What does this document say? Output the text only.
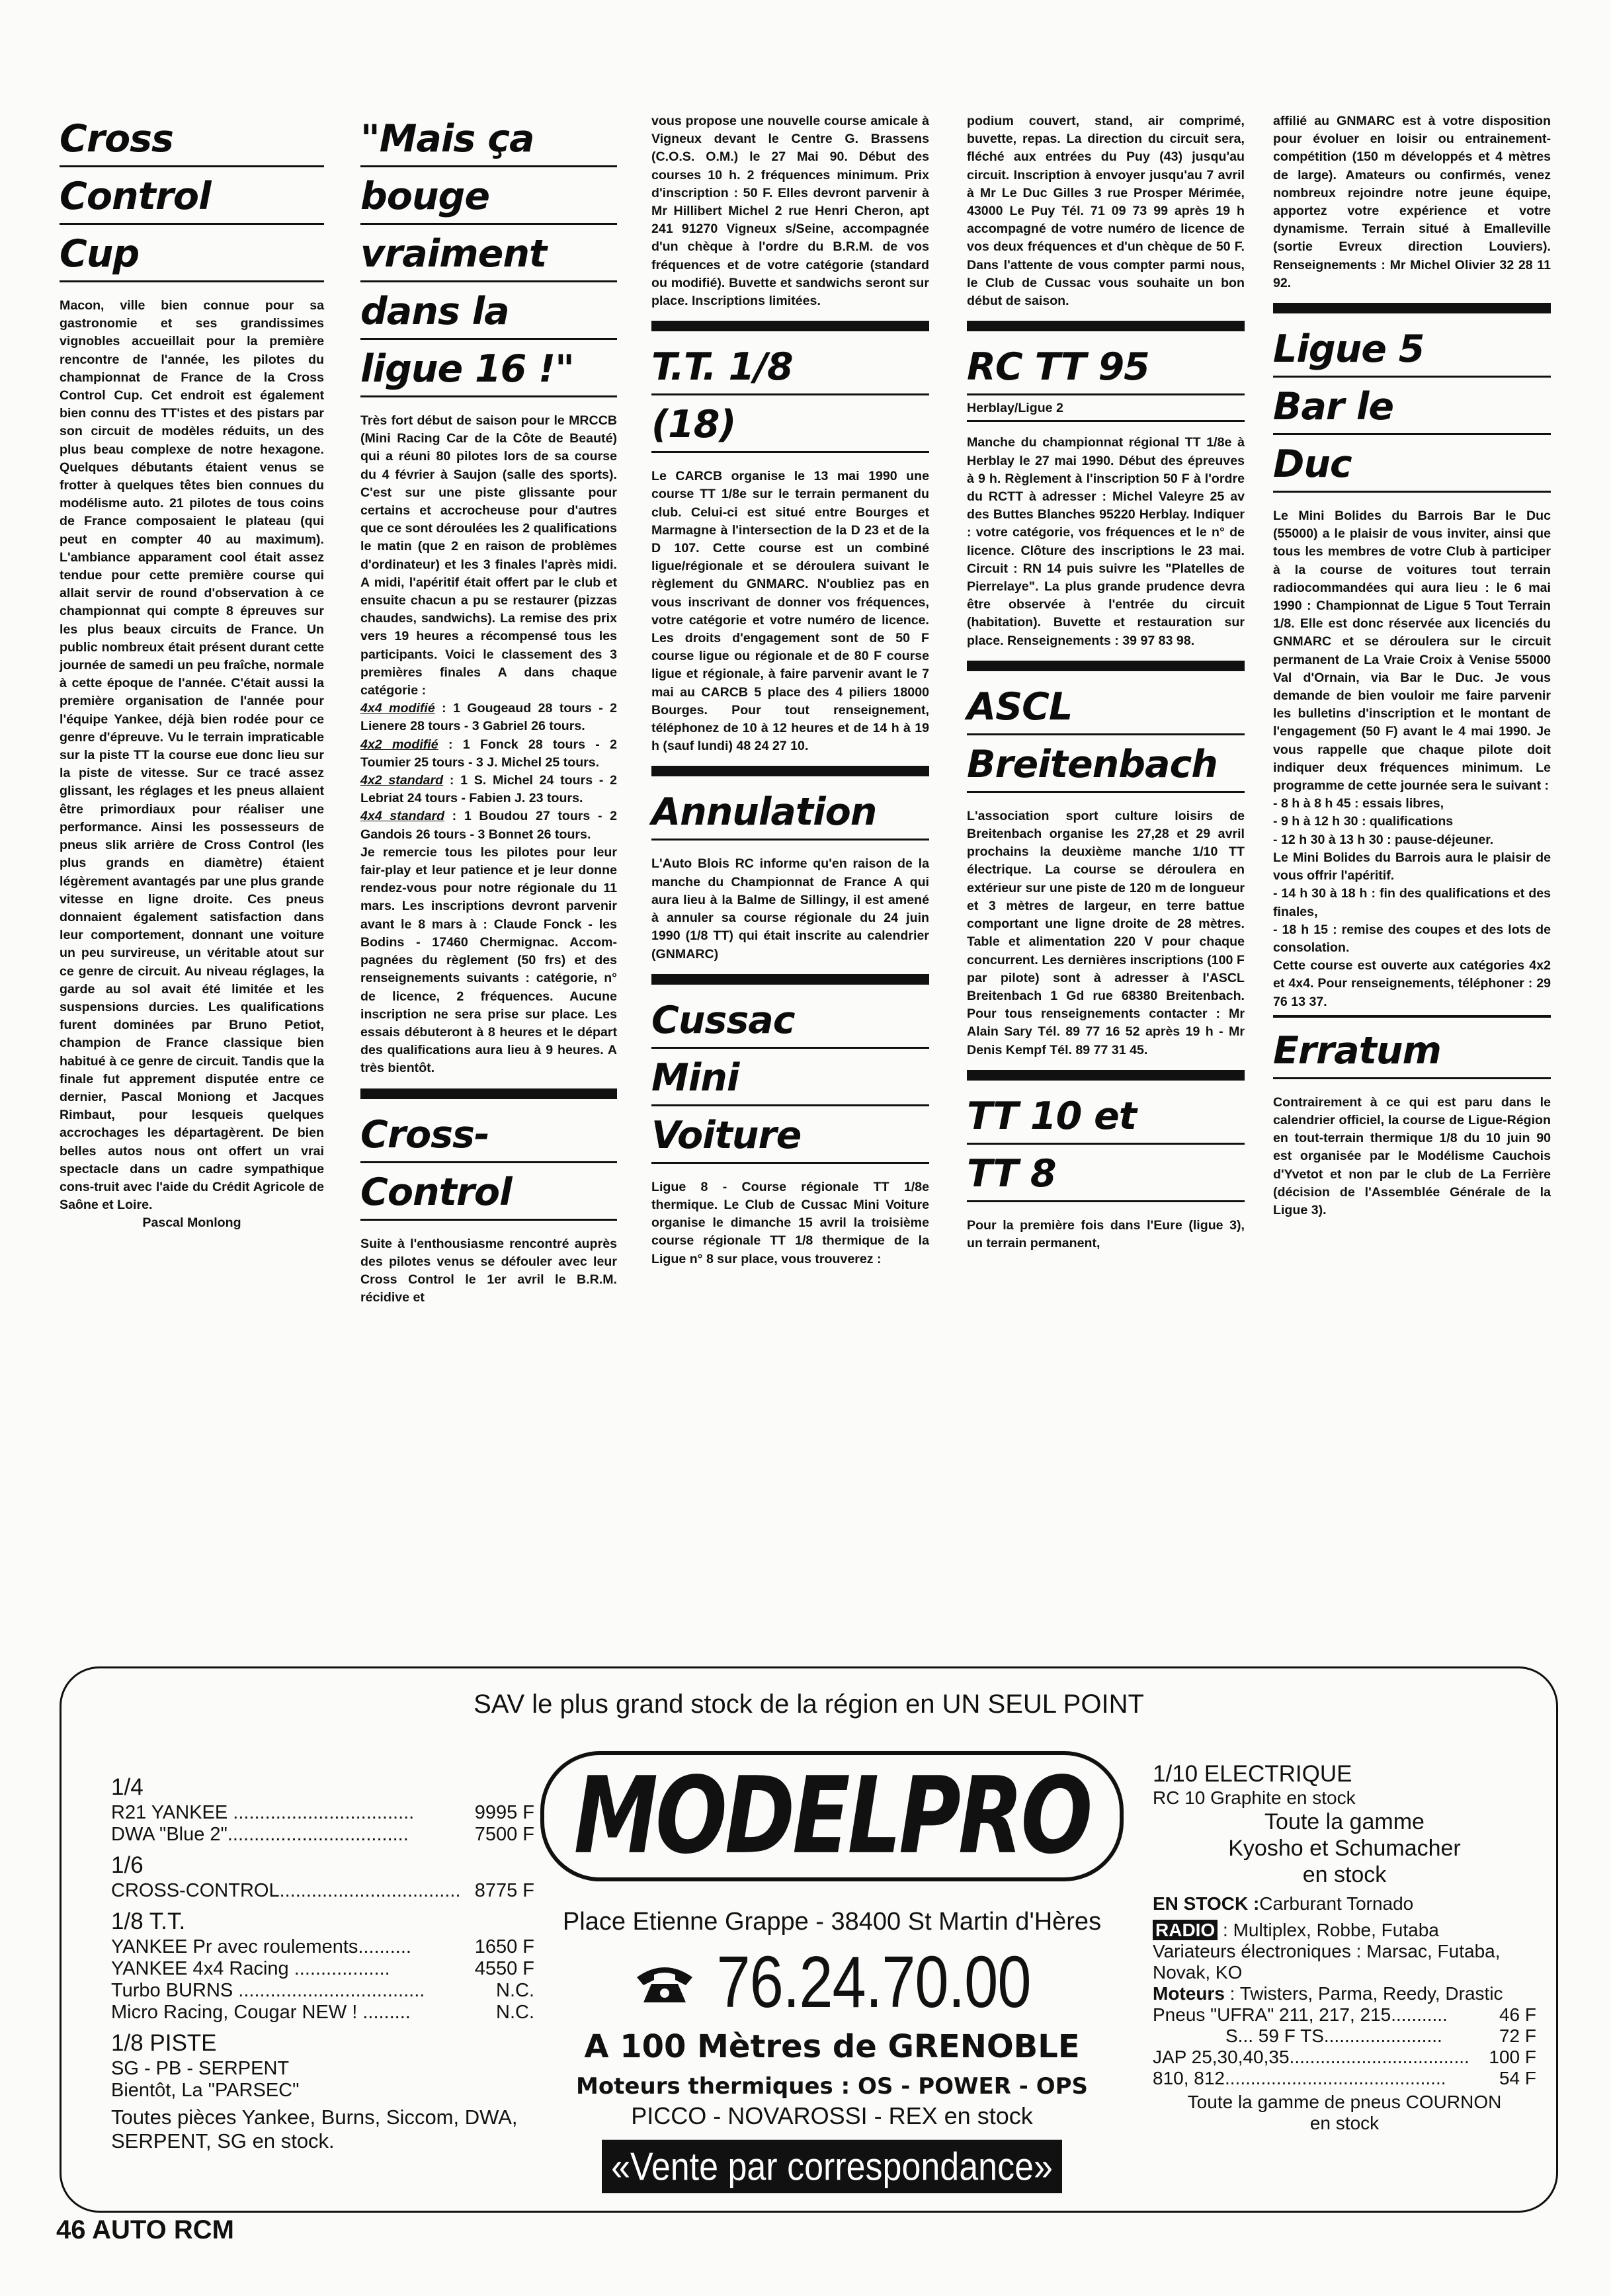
Cross
Control
Cup

Macon, ville bien connue pour sa gastronomie et ses grandissimes vignobles accueillait pour la première rencontre de l'année, les pilotes du championnat de France de la Cross Control Cup. Cet endroit est également bien connu des TT'istes et des pistars par son circuit de modèles réduits, un des plus beau complexe de notre hexagone. Quelques débutants étaient venus se frotter à quelques têtes bien connues du modélisme auto. 21 pilotes de tous coins de France composaient le plateau (qui peut en compter 40 au maximum). L'ambiance apparament cool était assez tendue pour cette première course qui allait servir de round d'observation à ce championnat qui compte 8 épreuves sur les plus beaux circuits de France. Un public nombreux était présent durant cette journée de samedi un peu fraîche, normale à cette époque de l'année. C'était aussi la première organisation de l'année pour l'équipe Yankee, déjà bien rodée pour ce genre d'épreuve. Vu le terrain impraticable sur la piste TT la course eue donc lieu sur la piste de vitesse. Sur ce tracé assez glissant, les réglages et les pneus allaient être primordiaux pour réaliser une performance. Ainsi les possesseurs de pneus slik arrière de Cross Control (les plus grands en diamètre) étaient légèrement avantagés par une plus grande vitesse en ligne droite. Ces pneus donnaient également satisfaction dans leur comportement, donnant une voiture un peu survireuse, un véritable atout sur ce genre de circuit. Au niveau réglages, la garde au sol avait été limitée et les suspensions durcies. Les qualifications furent dominées par Bruno Petiot, champion de France classique bien habitué à ce genre de circuit. Tandis que la finale fut apprement disputée entre ce dernier, Pascal Moniong et Jacques Rimbaut, pour lesqueis quelques accrochages les départagèrent. De bien belles autos nous ont offert un vrai spectacle dans un cadre sympathique cons-truit avec l'aide du Crédit Agricole de Saône et Loire.

Pascal Monlong

"Mais ça
bouge
vraiment
dans la
ligue 16 !"

Très fort début de saison pour le MRCCB (Mini Racing Car de la Côte de Beauté) qui a réuni 80 pilotes lors de sa course du 4 février à Saujon (salle des sports). C'est sur une piste glissante pour certains et accrocheuse pour d'autres que ce sont déroulées les 2 qualifications le matin (que 2 en raison de problèmes d'ordinateur) et les 3 finales l'après midi. A midi, l'apéritif était offert par le club et ensuite chacun a pu se restaurer (pizzas chaudes, sandwichs). La remise des prix vers 19 heures a récompensé tous les participants. Voici le classement des 3 premières finales A dans chaque catégorie :

4x4 modifié : 1 Gougeaud 28 tours - 2 Lienere 28 tours - 3 Gabriel 26 tours.

4x2 modifié : 1 Fonck 28 tours - 2 Toumier 25 tours - 3 J. Michel 25 tours.

4x2 standard : 1 S. Michel 24 tours - 2 Lebriat 24 tours - Fabien J. 23 tours.

4x4 standard : 1 Boudou 27 tours - 2 Gandois 26 tours - 3 Bonnet 26 tours.

Je remercie tous les pilotes pour leur fair-play et leur patience et je leur donne rendez-vous pour notre régionale du 11 mars. Les inscriptions devront parvenir avant le 8 mars à : Claude Fonck - les Bodins - 17460 Chermignac. Accom-pagnées du règlement (50 frs) et des renseignements suivants : catégorie, n° de licence, 2 fréquences. Aucune inscription ne sera prise sur place. Les essais débuteront à 8 heures et le départ des qualifications aura lieu à 9 heures. A très bientôt.

Cross-
Control

Suite à l'enthousiasme rencontré auprès des pilotes venus se défouler avec leur Cross Control le 1er avril le B.R.M. récidive et

vous propose une nouvelle course amicale à Vigneux devant le Centre G. Brassens (C.O.S. O.M.) le 27 Mai 90. Début des courses 10 h. 2 fréquences minimum. Prix d'inscription : 50 F. Elles devront parvenir à Mr Hillibert Michel 2 rue Henri Cheron, apt 241 91270 Vigneux s/Seine, accompagnée d'un chèque à l'ordre du B.R.M. de vos fréquences et de votre catégorie (standard ou modifié). Buvette et sandwichs seront sur place. Inscriptions limitées.

T.T. 1/8
(18)

Le CARCB organise le 13 mai 1990 une course TT 1/8e sur le terrain permanent du club. Celui-ci est situé entre Bourges et Marmagne à l'intersection de la D 23 et de la D 107. Cette course est un combiné ligue/régionale et se déroulera suivant le règlement du GNMARC. N'oubliez pas en vous inscrivant de donner vos fréquences, votre catégorie et votre numéro de licence. Les droits d'engagement sont de 50 F course ligue ou régionale et de 80 F course ligue et régionale, à faire parvenir avant le 7 mai au CARCB 5 place des 4 piliers 18000 Bourges. Pour tout renseignement, téléphonez de 10 à 12 heures et de 14 h à 19 h (sauf lundi) 48 24 27 10.

Annulation

L'Auto Blois RC informe qu'en raison de la manche du Championnat de France A qui aura lieu à la Balme de Sillingy, il est amené à annuler sa course régionale du 24 juin 1990 (1/8 TT) qui était inscrite au calendrier (GNMARC)

Cussac
Mini
Voiture

Ligue 8 - Course régionale TT 1/8e thermique. Le Club de Cussac Mini Voiture organise le dimanche 15 avril la troisième course régionale TT 1/8 thermique de la Ligue n° 8 sur place, vous trouverez :

podium couvert, stand, air comprimé, buvette, repas. La direction du circuit sera, fléché aux entrées du Puy (43) jusqu'au circuit. Inscription à envoyer jusqu'au 7 avril à Mr Le Duc Gilles 3 rue Prosper Mérimée, 43000 Le Puy Tél. 71 09 73 99 après 19 h accompagné de votre numéro de licence de vos deux fréquences et d'un chèque de 50 F. Dans l'attente de vous compter parmi nous, le Club de Cussac vous souhaite un bon début de saison.

RC TT 95
Herblay/Ligue 2

Manche du championnat régional TT 1/8e à Herblay le 27 mai 1990. Début des épreuves à 9 h. Règlement à l'inscription 50 F à l'ordre du RCTT à adresser : Michel Valeyre 25 av des Buttes Blanches 95220 Herblay. Indiquer : votre catégorie, vos fréquences et le n° de licence. Clôture des inscriptions le 23 mai. Circuit : RN 14 puis suivre les "Platelles de Pierrelaye". La plus grande prudence devra être observée à l'entrée du circuit (habitation). Buvette et restauration sur place. Renseignements : 39 97 83 98.

ASCL
Breitenbach

L'association sport culture loisirs de Breitenbach organise les 27,28 et 29 avril prochains la deuxième manche 1/10 TT électrique. La course se déroulera en extérieur sur une piste de 120 m de longueur et 3 mètres de largeur, en terre battue comportant une ligne droite de 28 mètres. Table et alimentation 220 V pour chaque concurrent. Les dernières inscriptions (100 F par pilote) sont à adresser à l'ASCL Breitenbach 1 Gd rue 68380 Breitenbach. Pour tous renseignements contacter : Mr Alain Sary Tél. 89 77 16 52 après 19 h - Mr Denis Kempf Tél. 89 77 31 45.

TT 10 et
TT 8

Pour la première fois dans l'Eure (ligue 3), un terrain permanent,

affilié au GNMARC est à votre disposition pour évoluer en loisir ou entrainement-compétition (150 m développés et 4 mètres de large). Amateurs ou confirmés, venez nombreux rejoindre notre jeune équipe, apportez votre expérience et votre dynamisme. Terrain situé à Emalleville (sortie Evreux direction Louviers). Renseignements : Mr Michel Olivier 32 28 11 92.

Ligue 5
Bar le
Duc

Le Mini Bolides du Barrois Bar le Duc (55000) a le plaisir de vous inviter, ainsi que tous les membres de votre Club à participer à la course de voitures tout terrain radiocommandées qui aura lieu : le 6 mai 1990 : Championnat de Ligue 5 Tout Terrain 1/8. Elle est donc réservée aux licenciés du GNMARC et se déroulera sur le circuit permanent de La Vraie Croix à Venise 55000 Val d'Ornain, via Bar le Duc. Je vous demande de bien vouloir me faire parvenir les bulletins d'inscription et le montant de l'engagement (50 F) avant le 4 mai 1990. Je vous rappelle que chaque pilote doit indiquer deux fréquences minimum. Le programme de cette journée sera le suivant :

- 8 h à 8 h 45 : essais libres,

- 9 h à 12 h 30 : qualifications

- 12 h 30 à 13 h 30 : pause-déjeuner.

Le Mini Bolides du Barrois aura le plaisir de vous offrir l'apéritif.

- 14 h 30 à 18 h : fin des qualifications et des finales,

- 18 h 15 : remise des coupes et des lots de consolation.

Cette course est ouverte aux catégories 4x2 et 4x4. Pour renseignements, téléphoner : 29 76 13 37.

Erratum

Contrairement à ce qui est paru dans le calendrier officiel, la course de Ligue-Région en tout-terrain thermique 1/8 du 10 juin 90 est organisée par le Modélisme Cauchois d'Yvetot et non par le club de La Ferrière (décision de l'Assemblée Générale de la Ligue 3).

SAV le plus grand stock de la région en UN SEUL POINT
1/4
R21 YANKEE ..................................	9995 F
DWA "Blue 2"..................................	7500 F
1/6
CROSS-CONTROL.................................. 8775 F
1/8 T.T.
YANKEE Pr avec roulements..........	1650 F
YANKEE 4x4 Racing ..................	4550 F
Turbo BURNS ...................................	N.C.
Micro Racing, Cougar NEW ! .........	N.C.
1/8 PISTE
SG - PB - SERPENT
Bientôt, La "PARSEC"
Toutes pièces Yankee, Burns, Siccom, DWA, SERPENT, SG en stock.
MODELPRO
Place Etienne Grappe - 38400 St Martin d'Hères
76.24.70.00
A 100 Mètres de GRENOBLE
Moteurs thermiques : OS - POWER - OPS
PICCO - NOVAROSSI - REX en stock
«Vente par correspondance»
1/10 ELECTRIQUE
RC 10 Graphite en stock
Toute la gamme
Kyosho et Schumacher
en stock
EN STOCK :Carburant Tornado
RADIO : Multiplex, Robbe, Futaba
Variateurs électroniques : Marsac, Futaba, Novak, KO
Moteurs : Twisters, Parma, Reedy, Drastic
Pneus "UFRA" 211, 217, 215...........	46 F
S... 59 F TS.......................	72 F
JAP 25,30,40,35...................................	100 F
810, 812...........................................	54 F
Toute la gamme de pneus COURNON
en stock
46 AUTO RCM
